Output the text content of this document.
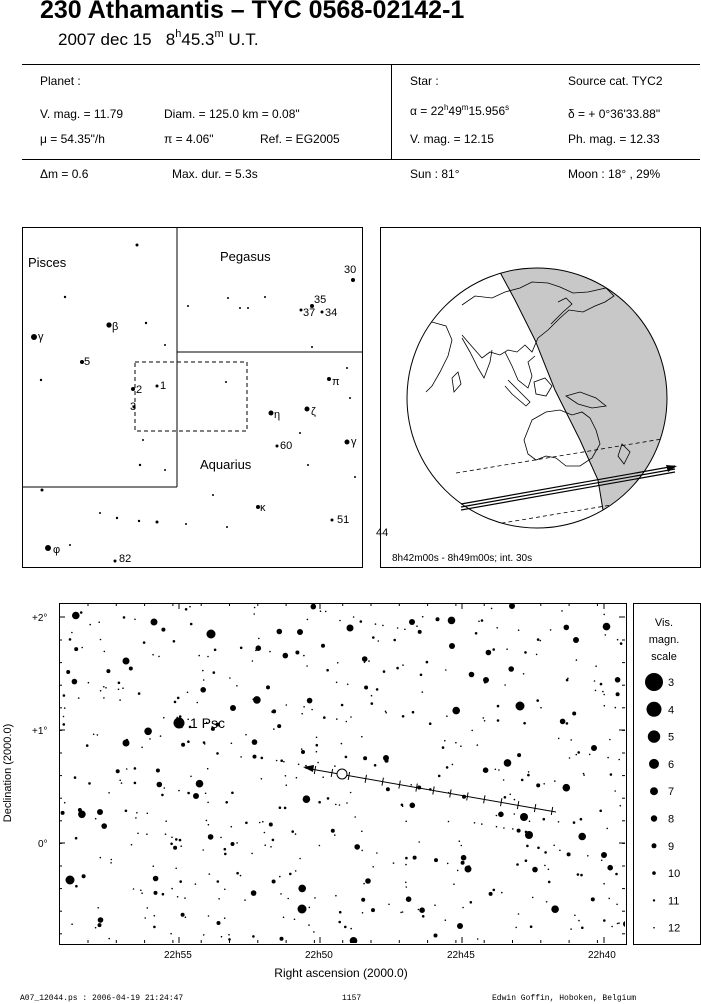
230 Athamantis – TYC 0568-02142-1
2007 dec 15 8$^h$45.3$^m$ U.T.
Planet :
V. mag. = 11.79	Diam. = 125.0 km = 0.08"
μ = 54.35"/h	π = 4.06"	Ref. = EG2005
Δm = 0.6	Max. dur. = 5.3s
Star :	Source cat. TYC2
$\alpha = 22^h49^m15.956^s$	δ = + 0°36'33.88"
V. mag. = 12.15	Ph. mag. = 12.33
Sun : 81°	Moon : 18° , 29%
Pisces	Pegasus
Aquarius
30
35
37 34
γ
β
5
2 1
3
π
η	ζ
γ
60
κ
51
φ
82
44
8h42m00s - 8h49m00s; int. 30s
1 Psc
22h55	22h50	22h45	22h40
+2°
+1°
0°
Right ascension (2000.0)
Declination (2000.0)
Vis.
magn.
scale
3
4
5
6
7
8
9
10
11
12
A07_12044.ps : 2006-04-19 21:24:47	1157	Edwin Goffin, Hoboken, Belgium
